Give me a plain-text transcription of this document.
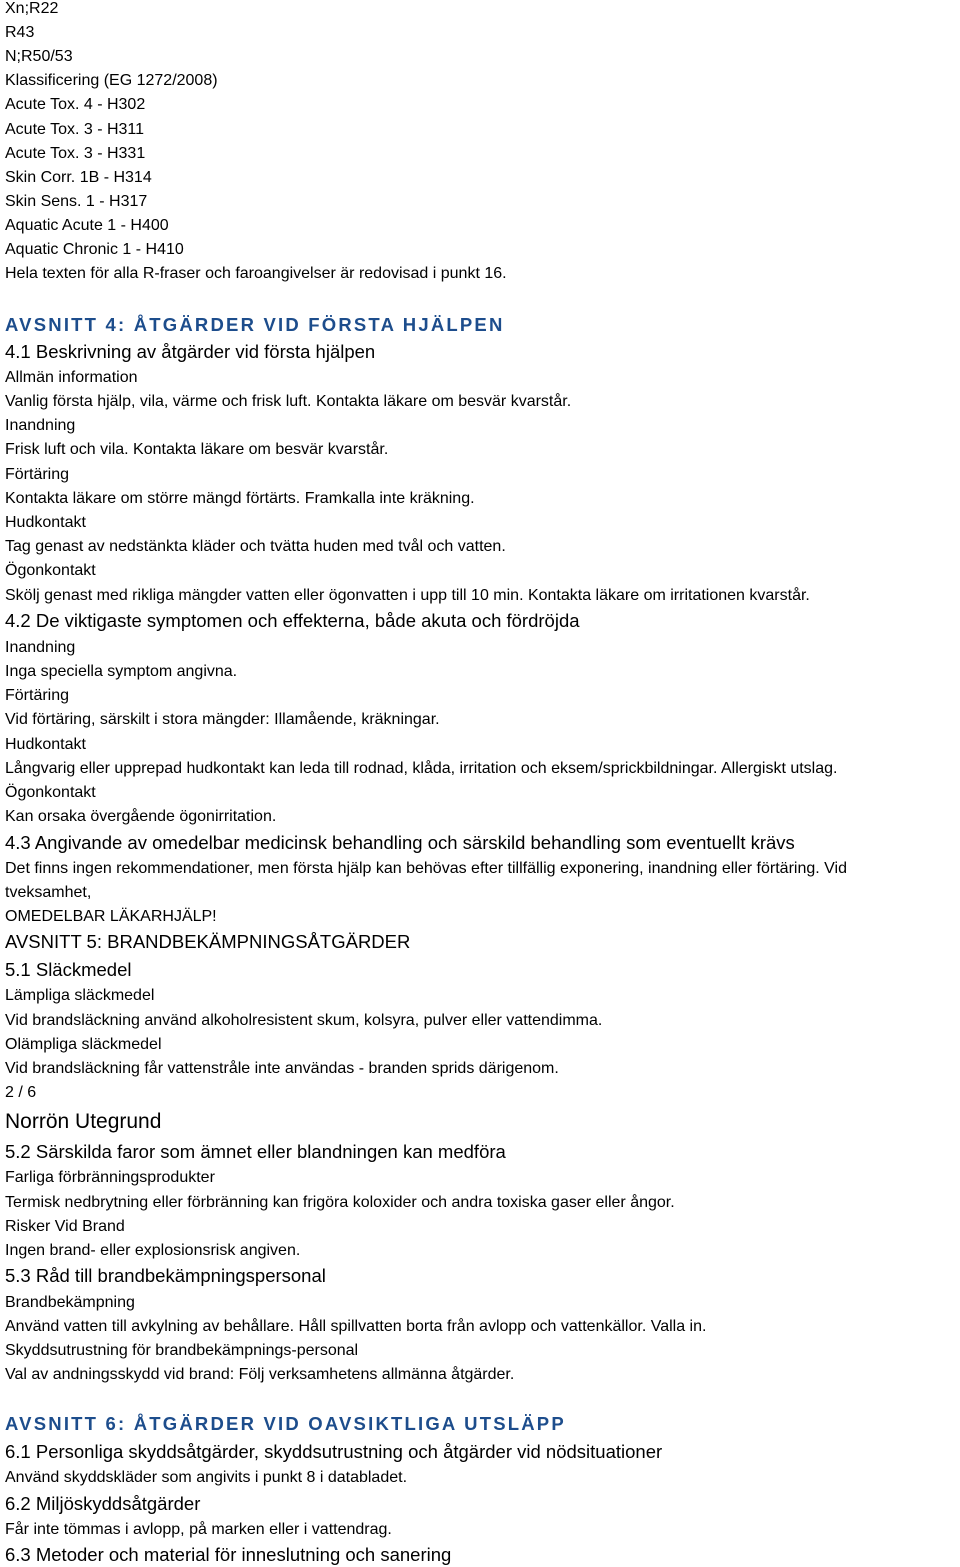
Xn;R22
R43
N;R50/53
Klassificering (EG 1272/2008)
Acute Tox. 4 - H302
Acute Tox. 3 - H311
Acute Tox. 3 - H331
Skin Corr. 1B - H314
Skin Sens. 1 - H317
Aquatic Acute 1 - H400
Aquatic Chronic 1 - H410
Hela texten för alla R-fraser och faroangivelser är redovisad i punkt 16.
AVSNITT 4: ÅTGÄRDER VID FÖRSTA HJÄLPEN
4.1 Beskrivning av åtgärder vid första hjälpen
Allmän information
Vanlig första hjälp, vila, värme och frisk luft. Kontakta läkare om besvär kvarstår.
Inandning
Frisk luft och vila. Kontakta läkare om besvär kvarstår.
Förtäring
Kontakta läkare om större mängd förtärts. Framkalla inte kräkning.
Hudkontakt
Tag genast av nedstänkta kläder och tvätta huden med tvål och vatten.
Ögonkontakt
Skölj genast med rikliga mängder vatten eller ögonvatten i upp till 10 min. Kontakta läkare om irritationen kvarstår.
4.2 De viktigaste symptomen och effekterna, både akuta och fördröjda
Inandning
Inga speciella symptom angivna.
Förtäring
Vid förtäring, särskilt i stora mängder: Illamående, kräkningar.
Hudkontakt
Långvarig eller upprepad hudkontakt kan leda till rodnad, klåda, irritation och eksem/sprickbildningar. Allergiskt utslag.
Ögonkontakt
Kan orsaka övergående ögonirritation.
4.3 Angivande av omedelbar medicinsk behandling och särskild behandling som eventuellt krävs
Det finns ingen rekommendationer, men första hjälp kan behövas efter tillfällig exponering, inandning eller förtäring. Vid
tveksamhet,
OMEDELBAR LÄKARHJÄLP!
AVSNITT 5: BRANDBEKÄMPNINGSÅTGÄRDER
5.1 Släckmedel
Lämpliga släckmedel
Vid brandsläckning använd alkoholresistent skum, kolsyra, pulver eller vattendimma.
Olämpliga släckmedel
Vid brandsläckning får vattenstråle inte användas - branden sprids därigenom.
2 / 6
Norrön Utegrund
5.2 Särskilda faror som ämnet eller blandningen kan medföra
Farliga förbränningsprodukter
Termisk nedbrytning eller förbränning kan frigöra koloxider och andra toxiska gaser eller ångor.
Risker Vid Brand
Ingen brand- eller explosionsrisk angiven.
5.3 Råd till brandbekämpningspersonal
Brandbekämpning
Använd vatten till avkylning av behållare. Håll spillvatten borta från avlopp och vattenkällor. Valla in.
Skyddsutrustning för brandbekämpnings-personal
Val av andningsskydd vid brand: Följ verksamhetens allmänna åtgärder.
AVSNITT 6: ÅTGÄRDER VID OAVSIKTLIGA UTSLÄPP
6.1 Personliga skyddsåtgärder, skyddsutrustning och åtgärder vid nödsituationer
Använd skyddskläder som angivits i punkt 8 i databladet.
6.2 Miljöskyddsåtgärder
Får inte tömmas i avlopp, på marken eller i vattendrag.
6.3 Metoder och material för inneslutning och sanering
